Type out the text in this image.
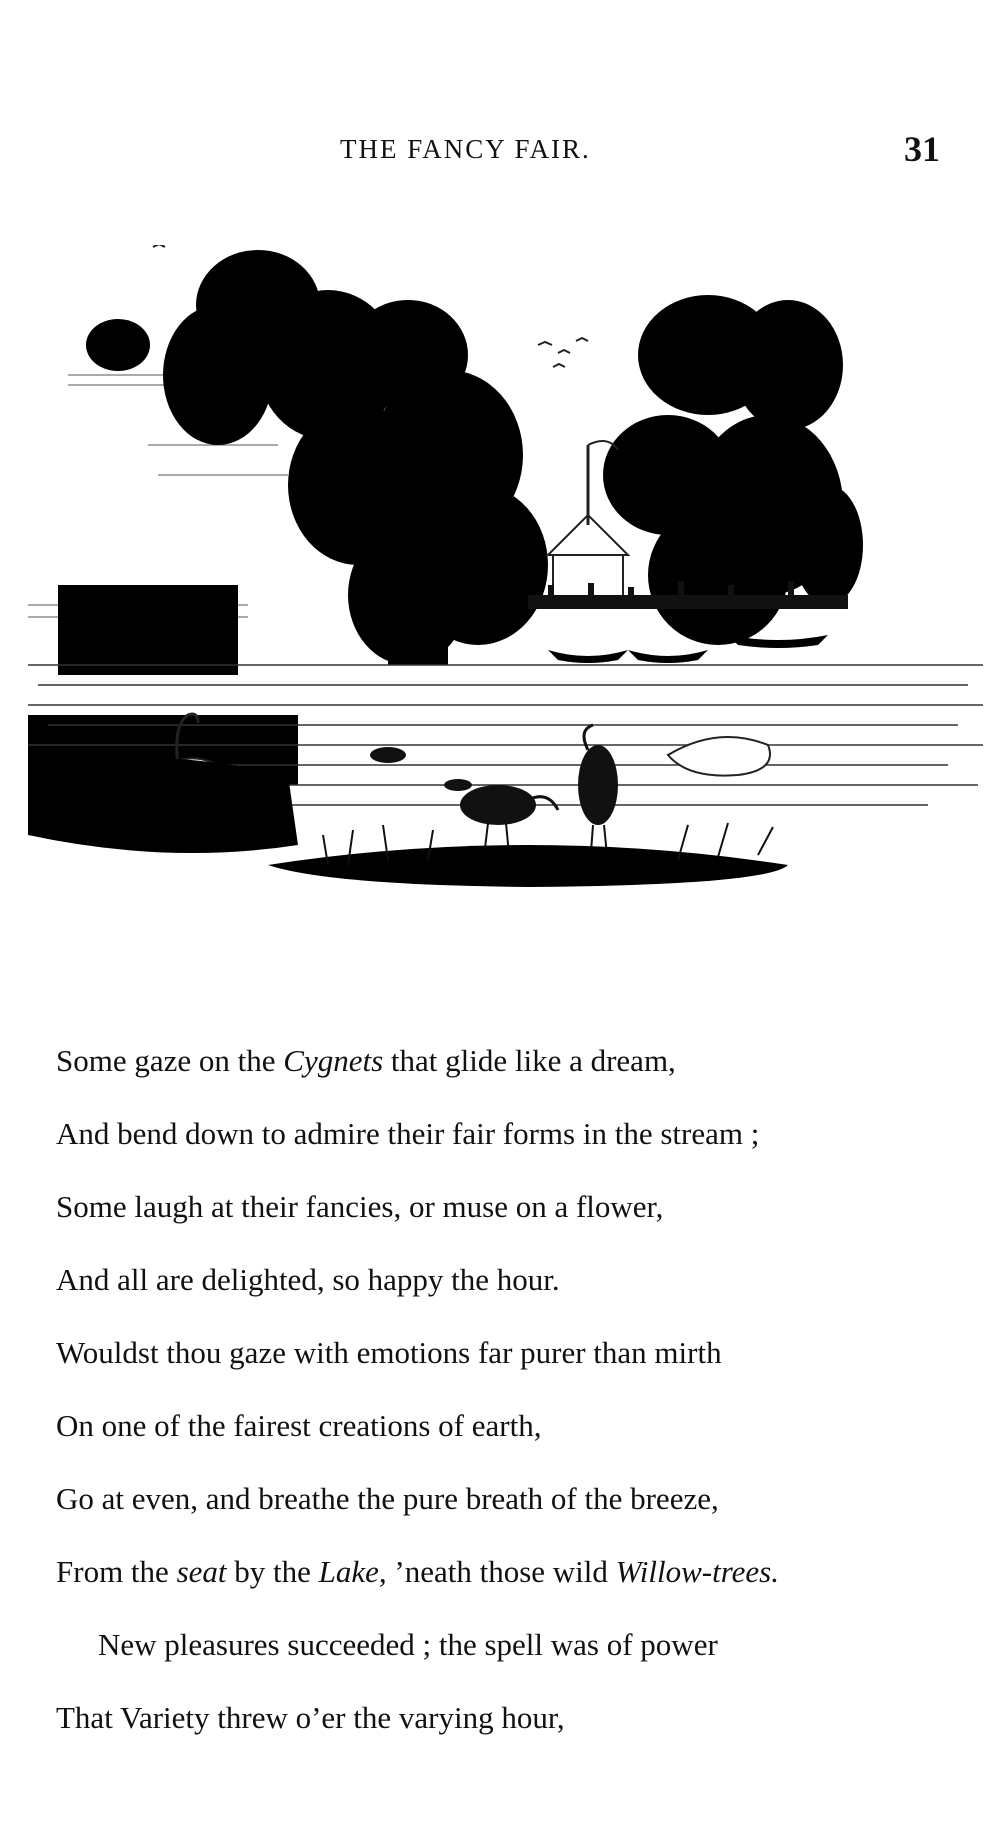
THE FANCY FAIR.	31
Some gaze on the Cygnets that glide like a dream,
And bend down to admire their fair forms in the stream ;
Some laugh at their fancies, or muse on a flower,
And all are delighted, so happy the hour.
Wouldst thou gaze with emotions far purer than mirth
On one of the fairest creations of earth,
Go at even, and breathe the pure breath of the breeze,
From the seat by the Lake, ’neath those wild Willow-trees.
New pleasures succeeded ; the spell was of power
That Variety threw o’er the varying hour,
